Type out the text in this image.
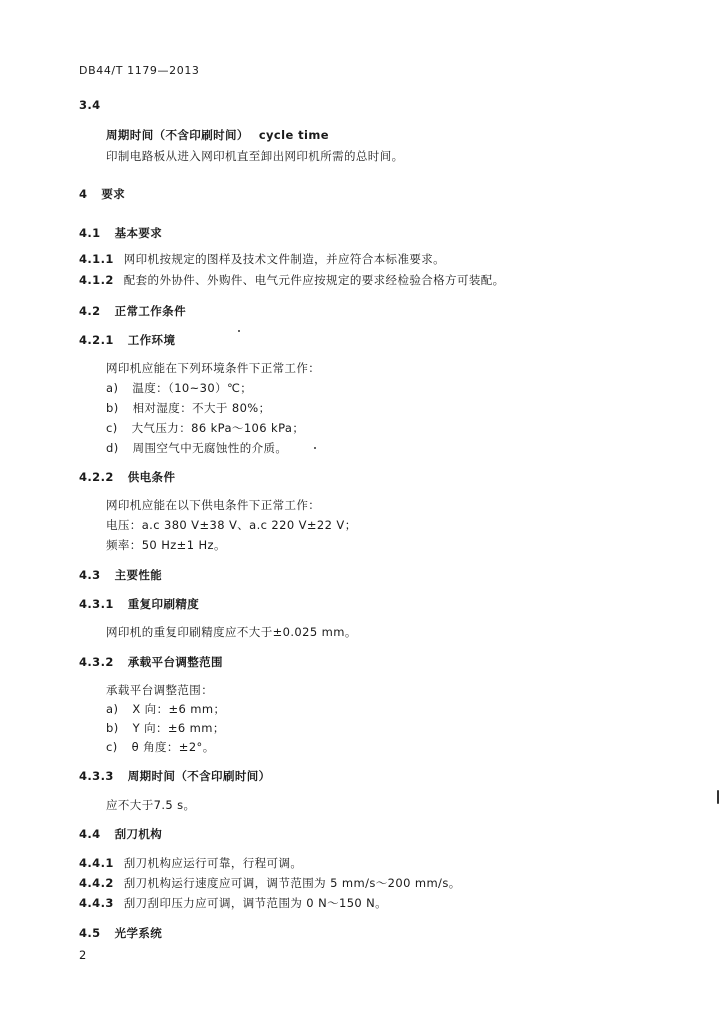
DB44/T 1179—2013
3.4
周期时间（不含印刷时间） cycle time
印制电路板从进入网印机直至卸出网印机所需的总时间。
4 要求
4.1 基本要求
4.1.1 网印机按规定的图样及技术文件制造，并应符合本标准要求。
4.1.2 配套的外协件、外购件、电气元件应按规定的要求经检验合格方可装配。
4.2 正常工作条件
4.2.1 工作环境
网印机应能在下列环境条件下正常工作：
a) 温度：（10~30）℃；
b) 相对湿度：不大于 80%；
c) 大气压力：86 kPa～106 kPa；
d) 周围空气中无腐蚀性的介质。
4.2.2 供电条件
网印机应能在以下供电条件下正常工作：
电压：a.c 380 V±38 V、a.c 220 V±22 V；
频率：50 Hz±1 Hz。
4.3 主要性能
4.3.1 重复印刷精度
网印机的重复印刷精度应不大于±0.025 mm。
4.3.2 承载平台调整范围
承载平台调整范围：
a) X 向：±6 mm；
b) Y 向：±6 mm；
c) θ 角度：±2°。
4.3.3 周期时间（不含印刷时间）
应不大于7.5 s。
4.4 刮刀机构
4.4.1 刮刀机构应运行可靠，行程可调。
4.4.2 刮刀机构运行速度应可调，调节范围为 5 mm/s～200 mm/s。
4.4.3 刮刀刮印压力应可调，调节范围为 0 N～150 N。
4.5 光学系统
2
